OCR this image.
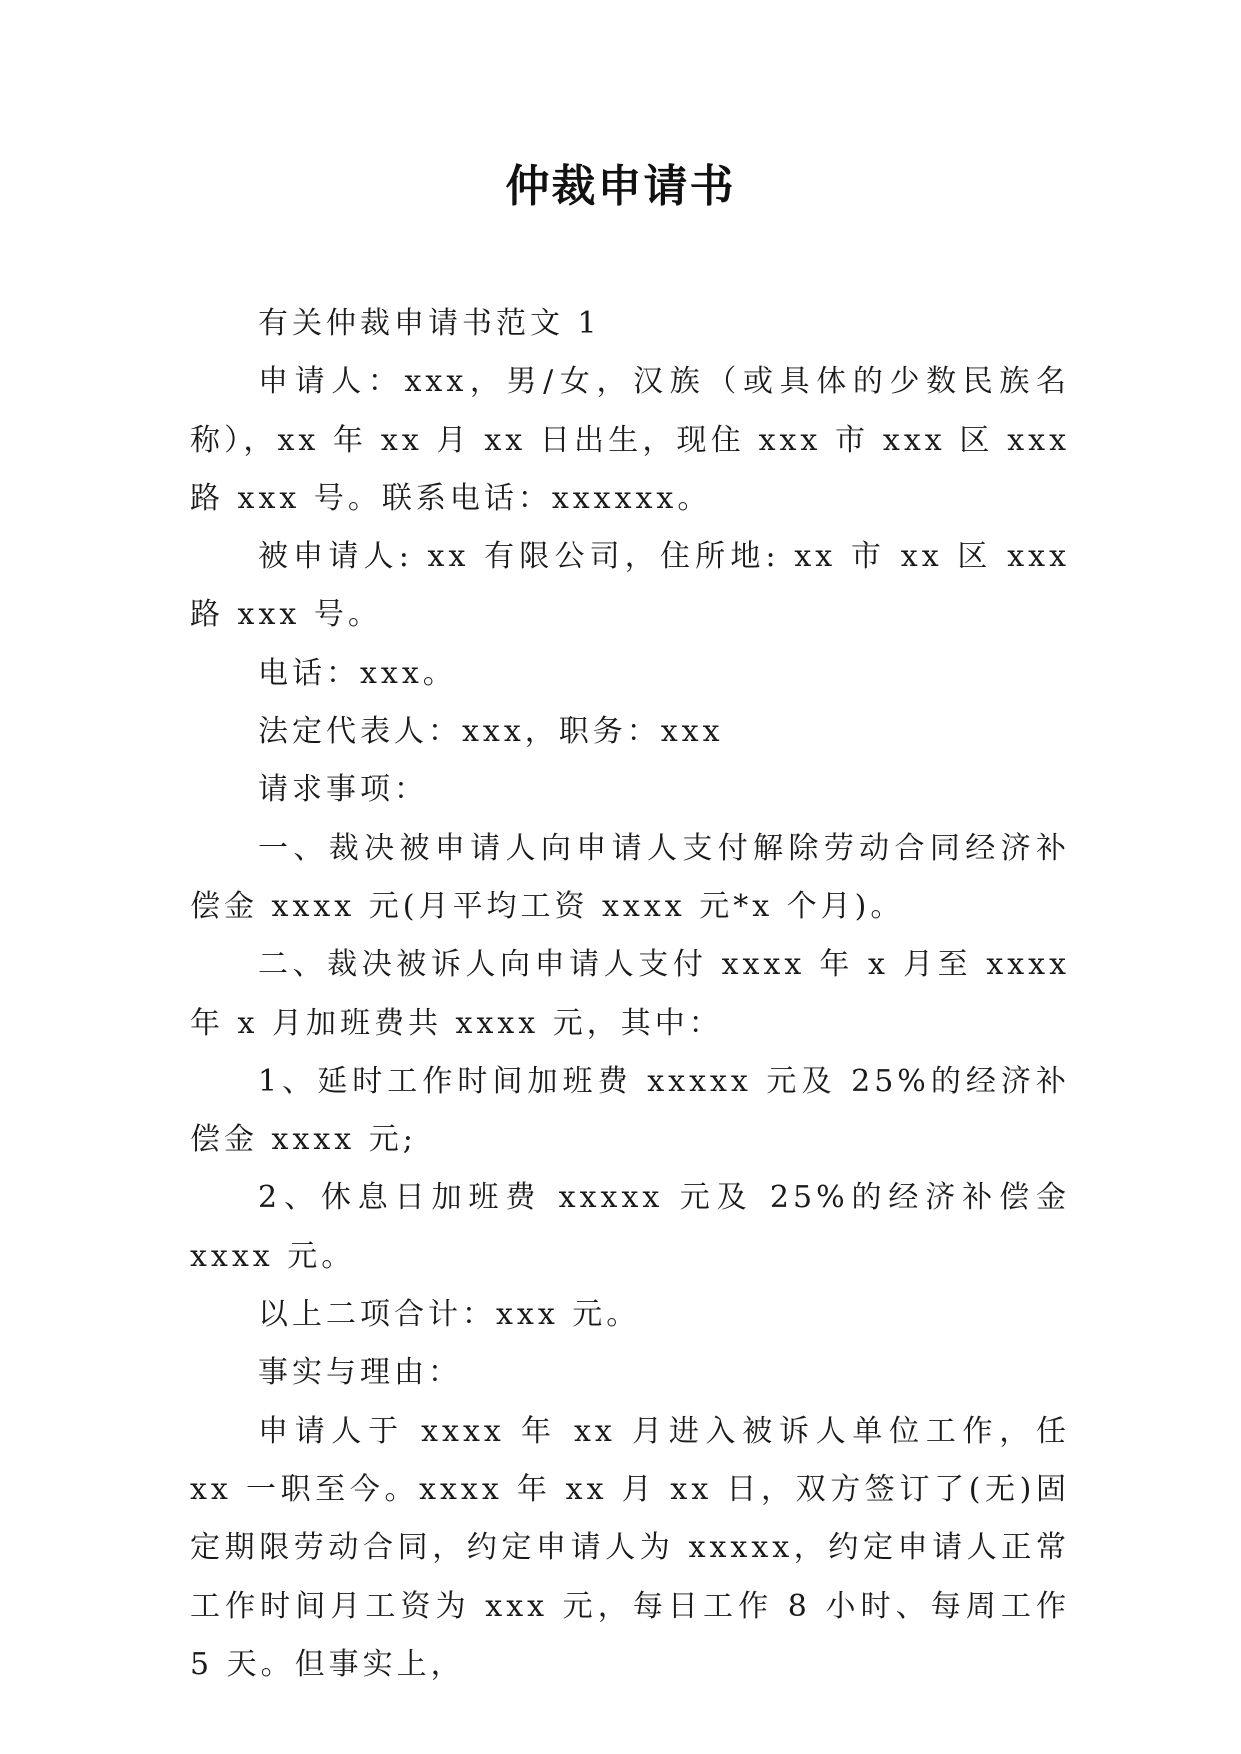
仲裁申请书

有关仲裁申请书范文 1

申请人：xxx，男/女，汉族（或具体的少数民族名称），xx 年 xx 月 xx 日出生，现住 xxx 市 xxx 区 xxx 路 xxx 号。联系电话：xxxxxx。

被申请人: xx 有限公司，住所地: xx 市 xx 区 xxx 路 xxx 号。

电话：xxx。

法定代表人：xxx，职务：xxx

请求事项：

一、裁决被申请人向申请人支付解除劳动合同经济补偿金 xxxx 元(月平均工资 xxxx 元*x 个月)。

二、裁决被诉人向申请人支付 xxxx 年 x 月至 xxxx 年 x 月加班费共 xxxx 元，其中：

1、延时工作时间加班费 xxxxx 元及 25%的经济补偿金 xxxx 元;

2、休息日加班费 xxxxx 元及 25%的经济补偿金 xxxx 元。

以上二项合计：xxx 元。

事实与理由：

申请人于 xxxx 年 xx 月进入被诉人单位工作，任 xx 一职至今。xxxx 年 xx 月 xx 日，双方签订了(无)固定期限劳动合同，约定申请人为 xxxxx，约定申请人正常工作时间月工资为 xxx 元，每日工作 8 小时、每周工作 5 天。但事实上，
